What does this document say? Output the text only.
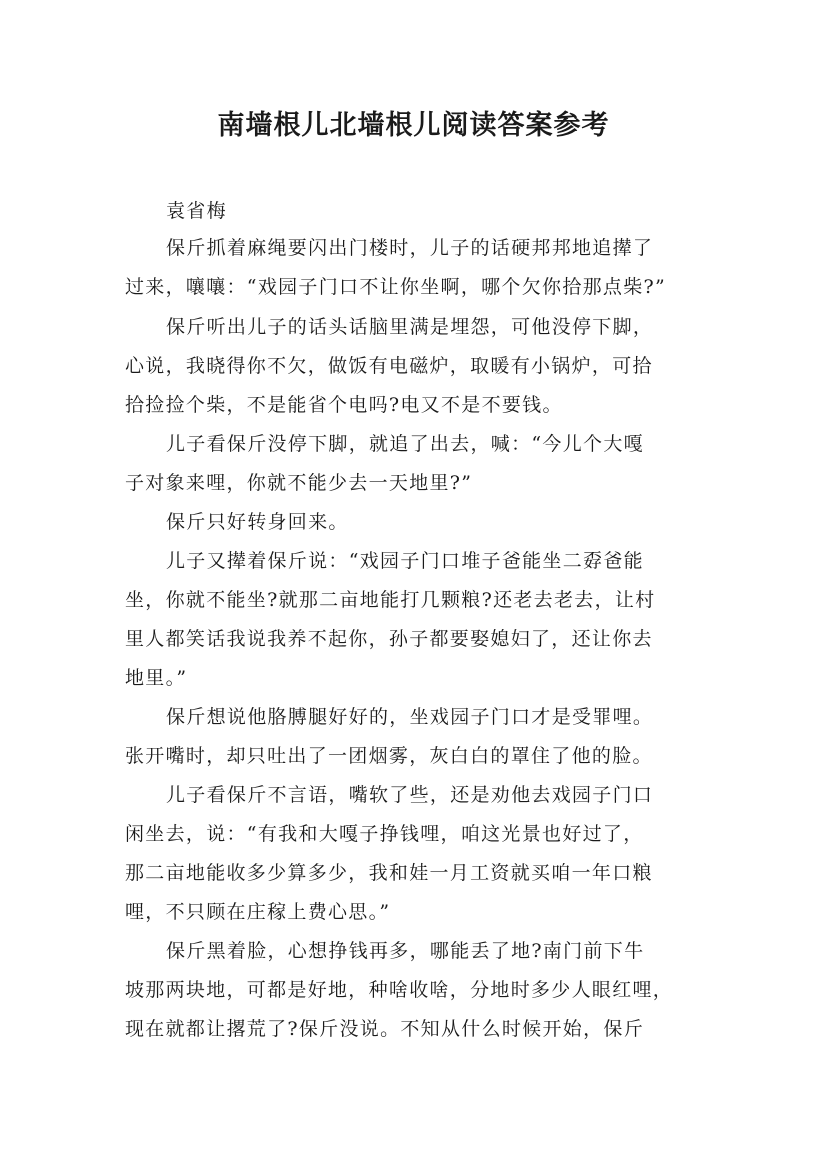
南墙根儿北墙根儿阅读答案参考
袁省梅
保斤抓着麻绳要闪出门楼时，儿子的话硬邦邦地追撵了
过来，嚷嚷：“戏园子门口不让你坐啊，哪个欠你拾那点柴?”
保斤听出儿子的话头话脑里满是埋怨，可他没停下脚，
心说，我晓得你不欠，做饭有电磁炉，取暖有小锅炉，可拾
拾捡捡个柴，不是能省个电吗?电又不是不要钱。
儿子看保斤没停下脚，就追了出去，喊：“今儿个大嘎
子对象来哩，你就不能少去一天地里?”
保斤只好转身回来。
儿子又撵着保斤说：“戏园子门口堆子爸能坐二孬爸能
坐，你就不能坐?就那二亩地能打几颗粮?还老去老去，让村
里人都笑话我说我养不起你，孙子都要娶媳妇了，还让你去
地里。”
保斤想说他胳膊腿好好的，坐戏园子门口才是受罪哩。
张开嘴时，却只吐出了一团烟雾，灰白白的罩住了他的脸。
儿子看保斤不言语，嘴软了些，还是劝他去戏园子门口
闲坐去，说：“有我和大嘎子挣钱哩，咱这光景也好过了，
那二亩地能收多少算多少，我和娃一月工资就买咱一年口粮
哩，不只顾在庄稼上费心思。”
保斤黑着脸，心想挣钱再多，哪能丢了地?南门前下牛
坡那两块地，可都是好地，种啥收啥，分地时多少人眼红哩，
现在就都让撂荒了?保斤没说。不知从什么时候开始，保斤
